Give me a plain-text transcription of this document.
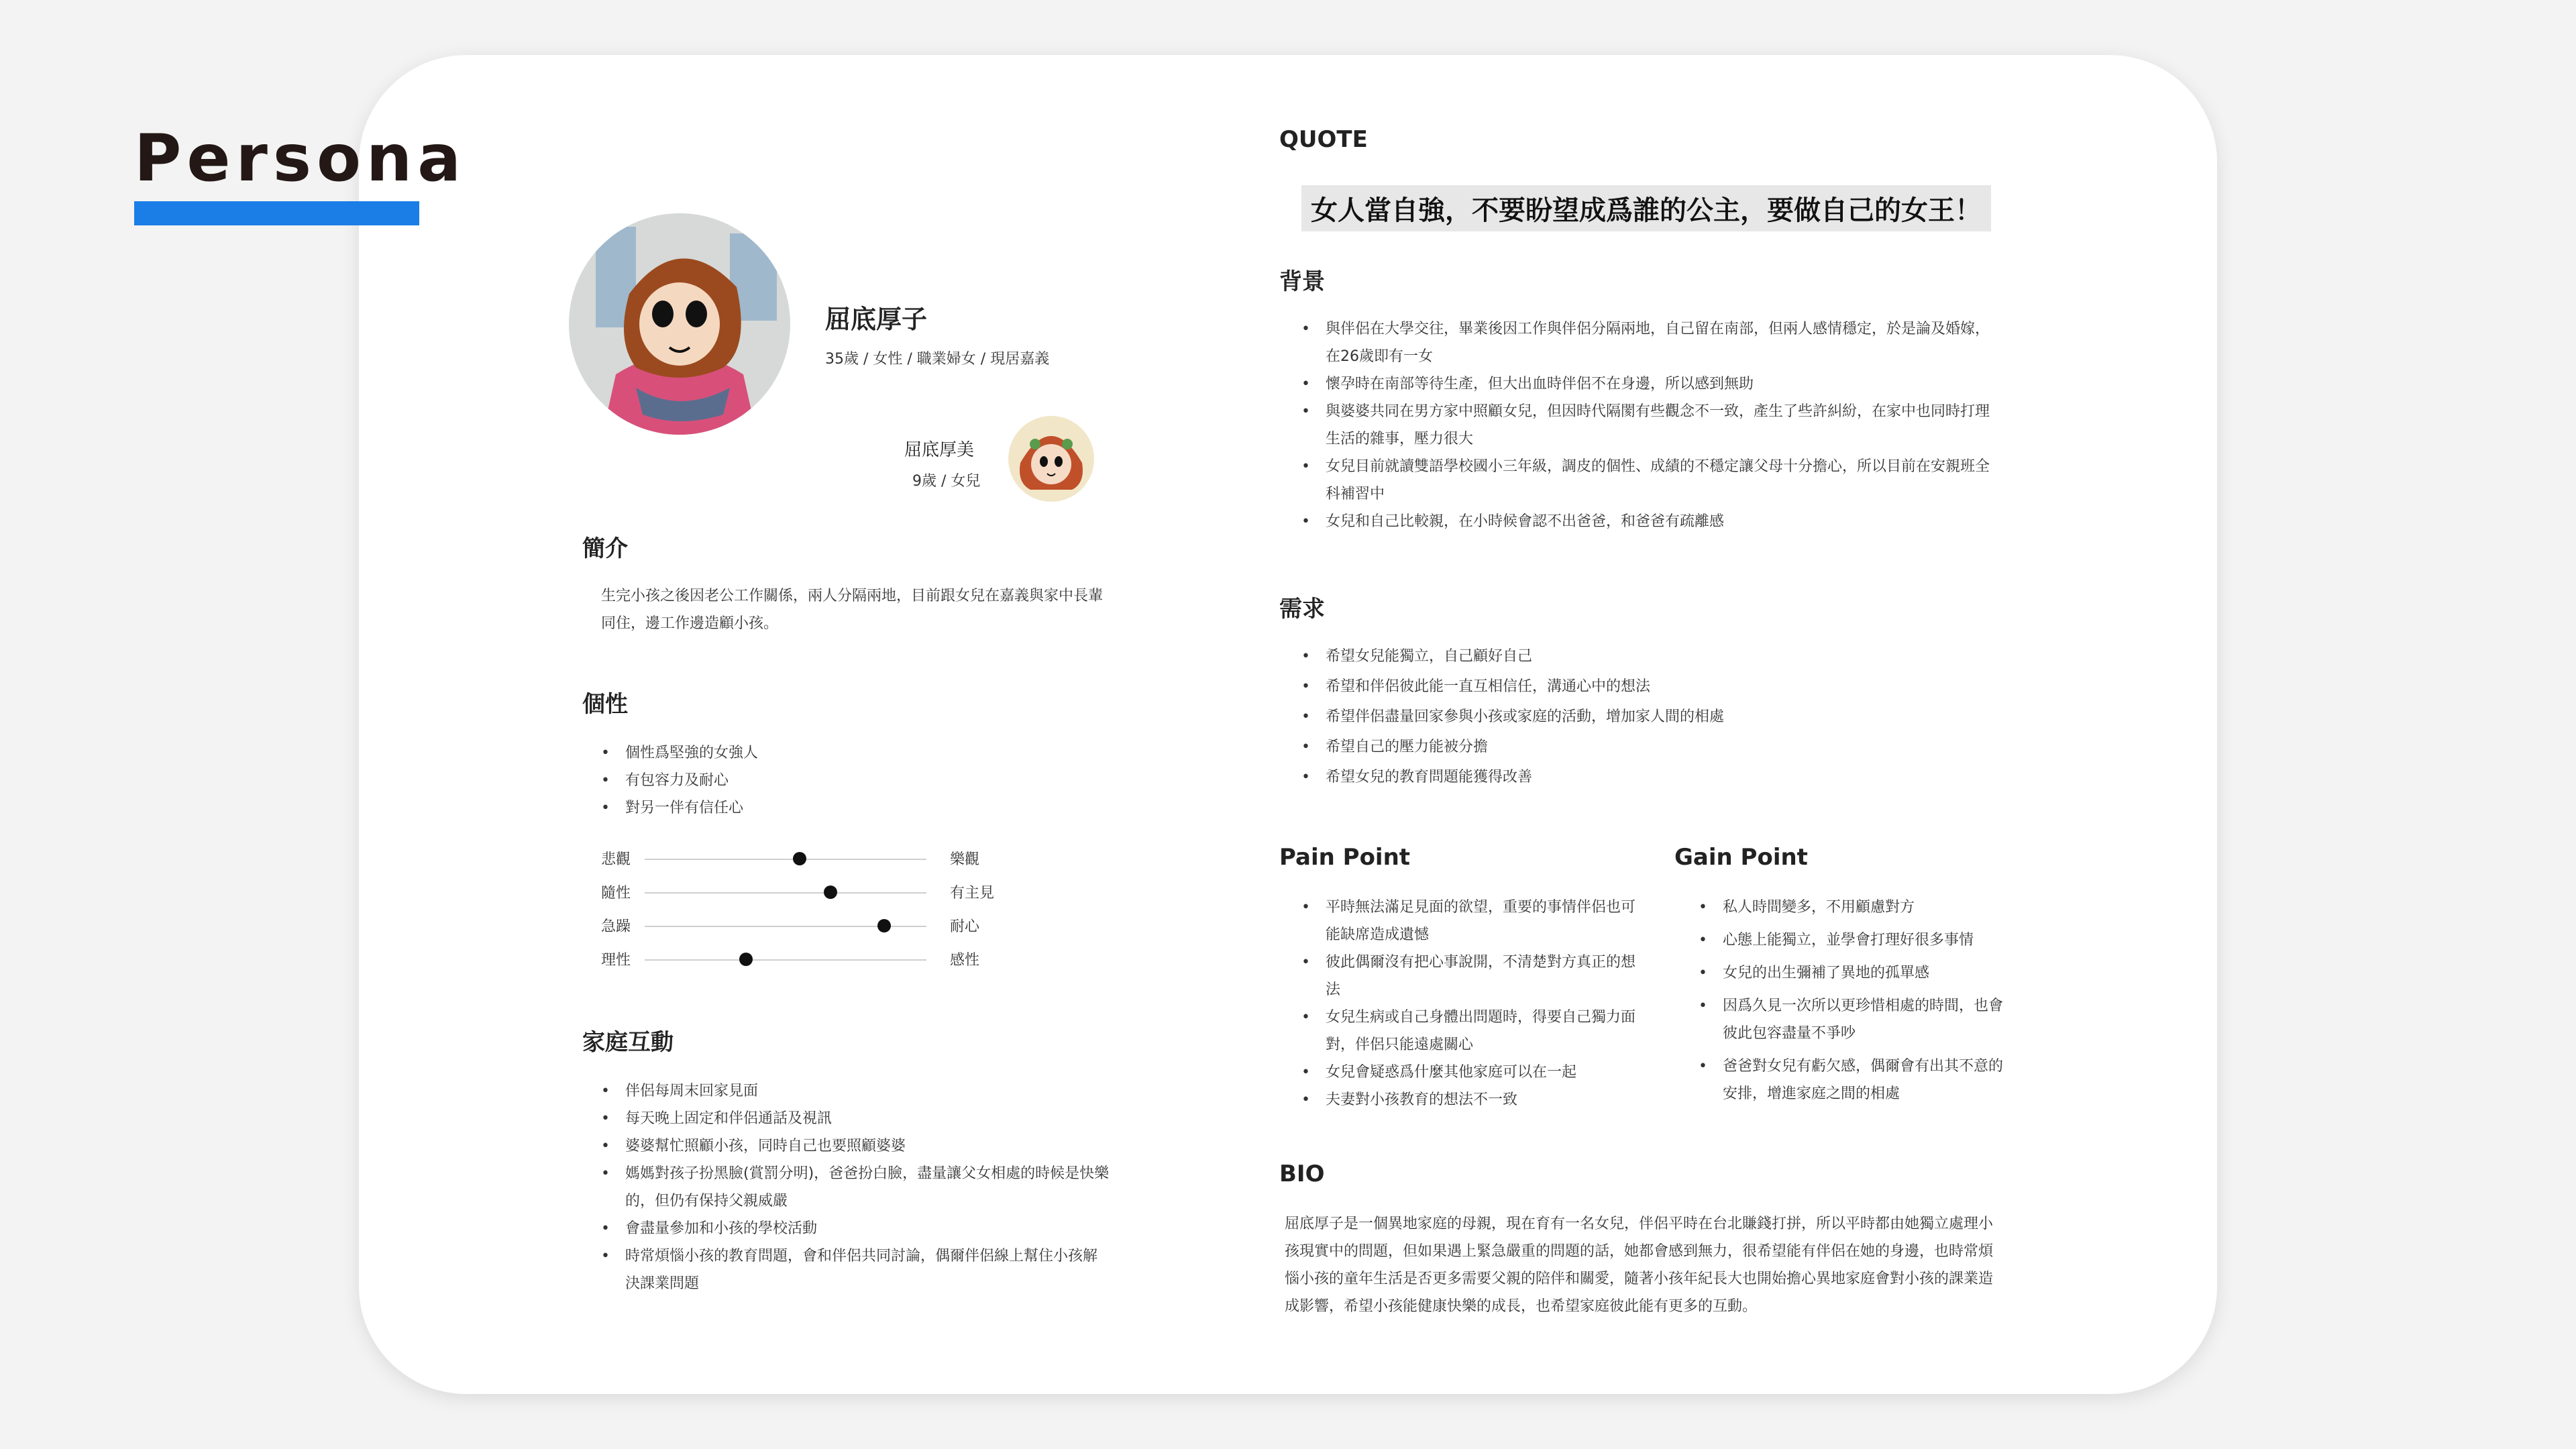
Persona
屈底厚子
35歲 / 女性 / 職業婦女 / 現居嘉義
屈底厚美
9歲 / 女兒
簡介
生完小孩之後因老公工作關係，兩人分隔兩地，目前跟女兒在嘉義與家中長輩同住，邊工作邊造顧小孩。
個性
• 個性爲堅強的女強人
• 有包容力及耐心
• 對另一伴有信任心
悲觀	樂觀
隨性	有主見
急躁	耐心
理性	感性
家庭互動
• 伴侶每周末回家見面
• 每天晚上固定和伴侶通話及視訊
• 婆婆幫忙照顧小孩，同時自己也要照顧婆婆
• 媽媽對孩子扮黑臉(賞罰分明)，爸爸扮白臉，盡量讓父女相處的時候是快樂的，但仍有保持父親威嚴
• 會盡量參加和小孩的學校活動
• 時常煩惱小孩的教育問題，會和伴侶共同討論，偶爾伴侶線上幫住小孩解決課業問題
QUOTE
女人當自強，不要盼望成爲誰的公主，要做自己的女王！
背景
• 與伴侶在大學交往，畢業後因工作與伴侶分隔兩地，自己留在南部，但兩人感情穩定，於是論及婚嫁，在26歲即有一女
• 懷孕時在南部等待生產，但大出血時伴侶不在身邊，所以感到無助
• 與婆婆共同在男方家中照顧女兒，但因時代隔閡有些觀念不一致，產生了些許糾紛，在家中也同時打理生活的雜事，壓力很大
• 女兒目前就讀雙語學校國小三年級，調皮的個性、成績的不穩定讓父母十分擔心，所以目前在安親班全科補習中
• 女兒和自己比較親，在小時候會認不出爸爸，和爸爸有疏離感
需求
• 希望女兒能獨立，自己顧好自己
• 希望和伴侶彼此能一直互相信任，溝通心中的想法
• 希望伴侶盡量回家參與小孩或家庭的活動，增加家人間的相處
• 希望自己的壓力能被分擔
• 希望女兒的教育問題能獲得改善
Pain Point
• 平時無法滿足見面的欲望，重要的事情伴侶也可能缺席造成遺憾
• 彼此偶爾沒有把心事說開，不清楚對方真正的想法
• 女兒生病或自己身體出問題時，得要自己獨力面對，伴侶只能遠處關心
• 女兒會疑惑爲什麼其他家庭可以在一起
• 夫妻對小孩教育的想法不一致
Gain Point
• 私人時間變多，不用顧慮對方
• 心態上能獨立，並學會打理好很多事情
• 女兒的出生彌補了異地的孤單感
• 因爲久見一次所以更珍惜相處的時間，也會彼此包容盡量不爭吵
• 爸爸對女兒有虧欠感，偶爾會有出其不意的安排，增進家庭之間的相處
BIO
屈底厚子是一個異地家庭的母親，現在育有一名女兒，伴侶平時在台北賺錢打拼，所以平時都由她獨立處理小孩現實中的問題，但如果遇上緊急嚴重的問題的話，她都會感到無力，很希望能有伴侶在她的身邊，也時常煩惱小孩的童年生活是否更多需要父親的陪伴和關愛，隨著小孩年紀長大也開始擔心異地家庭會對小孩的課業造成影響，希望小孩能健康快樂的成長，也希望家庭彼此能有更多的互動。
